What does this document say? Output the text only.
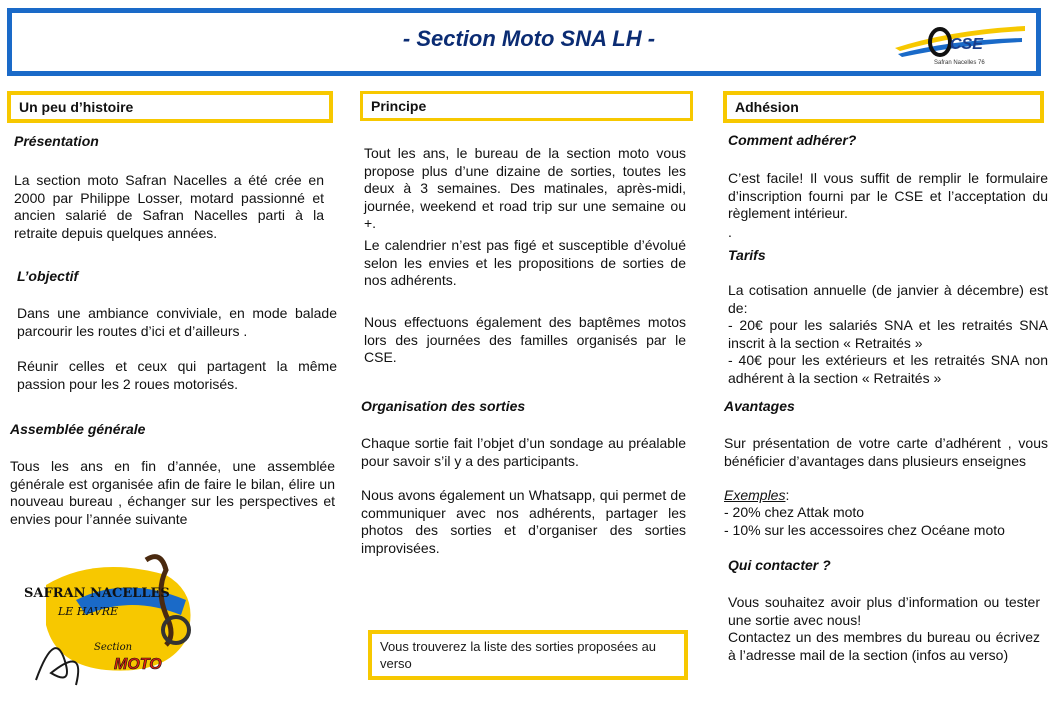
- Section Moto SNA LH -	CSE
Safran Nacelles 76
Un peu d’histoire
Présentation
La section moto Safran Nacelles a été crée en 2000 par Philippe Losser, motard passionné et ancien salarié de Safran Nacelles parti à la retraite depuis quelques années.
L’objectif
Dans une ambiance conviviale, en mode balade parcourir les routes d’ici et d’ailleurs .
Réunir celles et ceux qui partagent la même passion pour les 2 roues motorisés.
Assemblée générale
Tous les ans en fin d’année, une assemblée générale est organisée afin de faire le bilan, élire un nouveau bureau , échanger sur les perspectives et envies pour l’année suivante
SAFRAN NACELLES
LE HAVRE
Section
MOTO
Principe
Tout les ans, le bureau de la section moto vous propose plus d’une dizaine de sorties, toutes les deux à 3 semaines. Des matinales, après-midi, journée, weekend et road trip sur une semaine ou +.
Le calendrier n’est pas figé et susceptible d’évolué selon les envies et les propositions de sorties de nos adhérents.
Nous effectuons également des baptêmes motos lors des journées des familles organisés par le CSE.
Organisation des sorties
Chaque sortie fait l’objet d’un sondage au préalable pour savoir s’il y a des participants.
Nous avons également un Whatsapp, qui permet de communiquer avec nos adhérents, partager les photos des sorties et d’organiser des sorties improvisées.
Vous trouverez la liste des sorties proposées au verso
Adhésion
Comment adhérer?
C’est facile! Il vous suffit de remplir le formulaire d’inscription fourni par le CSE et l’acceptation du règlement intérieur.
.
Tarifs
La cotisation annuelle (de janvier à décembre) est de:
- 20€ pour les salariés SNA et les retraités SNA inscrit à la section « Retraités »
- 40€ pour les extérieurs et les retraités SNA non adhérent à la section « Retraités »
Avantages
Sur présentation de votre carte d’adhérent , vous bénéficier d’avantages dans plusieurs enseignes
Exemples:
- 20% chez Attak moto
- 10% sur les accessoires chez Océane moto
Qui contacter ?
Vous souhaitez avoir plus d’information ou tester une sortie avec nous!
Contactez un des membres du bureau ou écrivez à l’adresse mail de la section (infos au verso)
